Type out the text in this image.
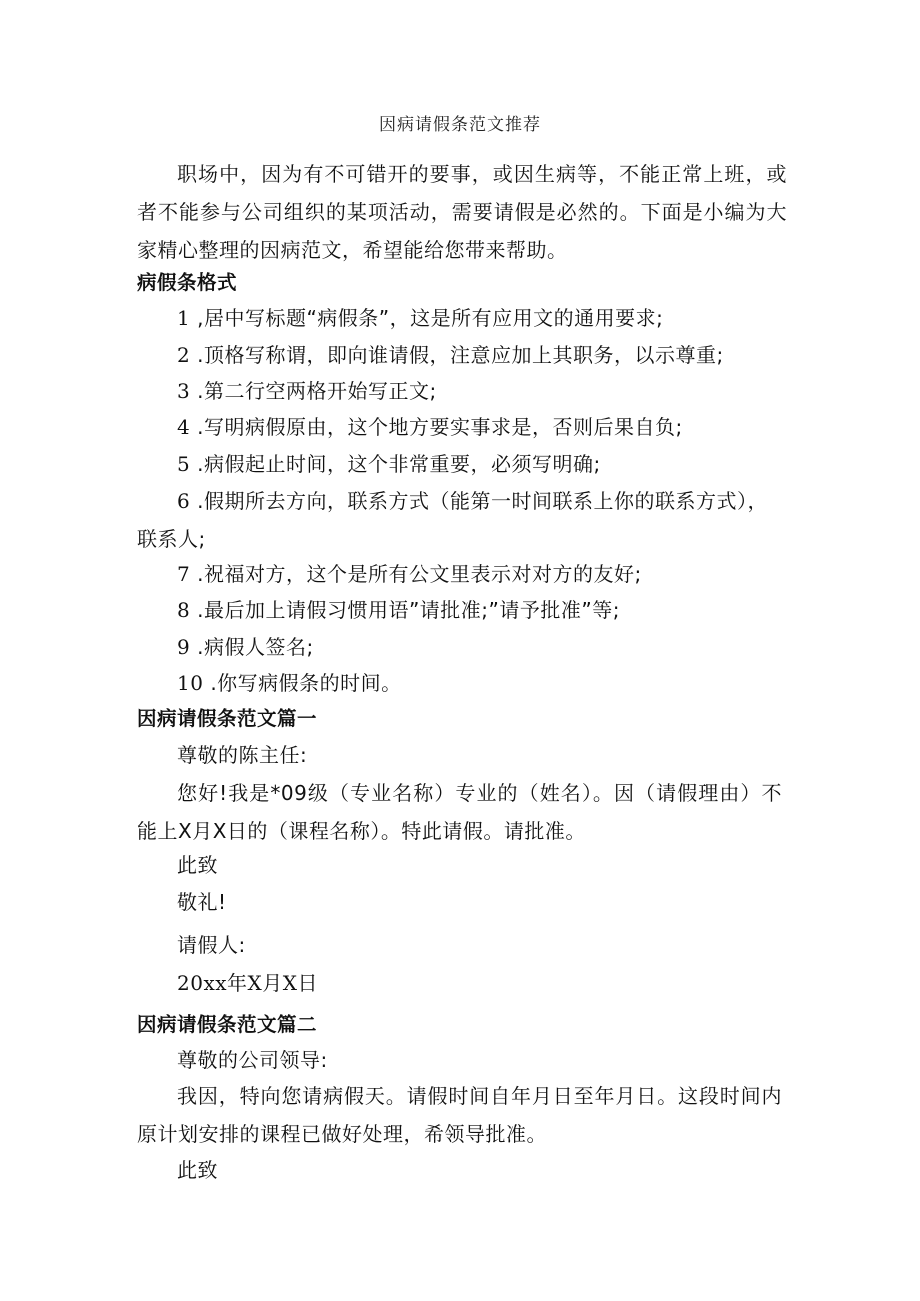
因病请假条范文推荐
职场中，因为有不可错开的要事，或因生病等，不能正常上班，或者不能参与公司组织的某项活动，需要请假是必然的。下面是小编为大家精心整理的因病范文，希望能给您带来帮助。
病假条格式
1 ,居中写标题“病假条”，这是所有应用文的通用要求;
2 .顶格写称谓，即向谁请假，注意应加上其职务，以示尊重;
3 .第二行空两格开始写正文;
4 .写明病假原由，这个地方要实事求是，否则后果自负;
5 .病假起止时间，这个非常重要，必须写明确;
6 .假期所去方向，联系方式（能第一时间联系上你的联系方式），联系人;
7 .祝福对方，这个是所有公文里表示对对方的友好;
8 .最后加上请假习惯用语”请批准;”请予批准”等;
9 .病假人签名;
10 .你写病假条的时间。
因病请假条范文篇一
尊敬的陈主任:
您好!我是*09级（专业名称）专业的（姓名）。因（请假理由）不能上X月X日的（课程名称）。特此请假。请批准。
此致
敬礼!
请假人:
20xx年X月X日
因病请假条范文篇二
尊敬的公司领导:
我因，特向您请病假天。请假时间自年月日至年月日。这段时间内原计划安排的课程已做好处理，希领导批准。
此致
